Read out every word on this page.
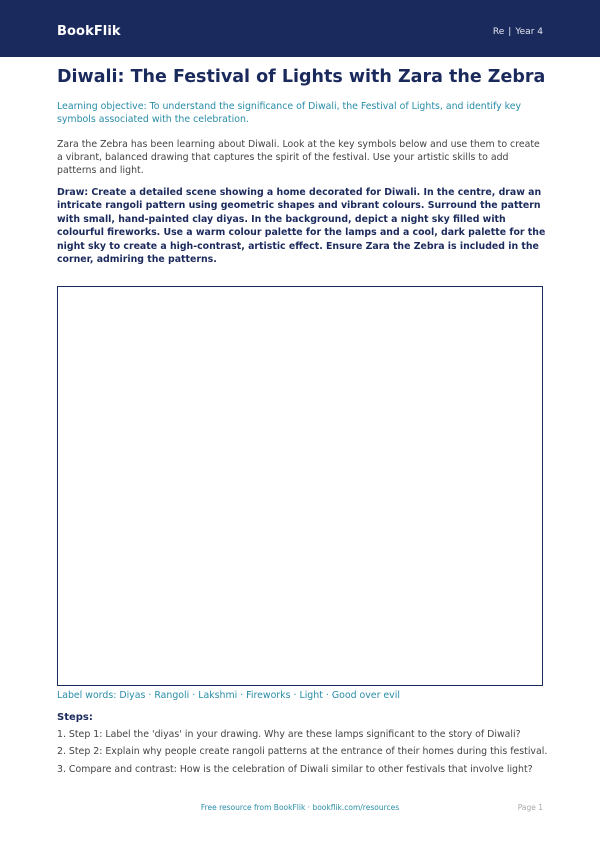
BookFlik	Re | Year 4
Diwali: The Festival of Lights with Zara the Zebra
Learning objective: To understand the significance of Diwali, the Festival of Lights, and identify key symbols associated with the celebration.
Zara the Zebra has been learning about Diwali. Look at the key symbols below and use them to create a vibrant, balanced drawing that captures the spirit of the festival. Use your artistic skills to add patterns and light.
Draw: Create a detailed scene showing a home decorated for Diwali. In the centre, draw an intricate rangoli pattern using geometric shapes and vibrant colours. Surround the pattern with small, hand-painted clay diyas. In the background, depict a night sky filled with colourful fireworks. Use a warm colour palette for the lamps and a cool, dark palette for the night sky to create a high-contrast, artistic effect. Ensure Zara the Zebra is included in the corner, admiring the patterns.
Label words: Diyas · Rangoli · Lakshmi · Fireworks · Light · Good over evil
Steps:
1. Step 1: Label the 'diyas' in your drawing. Why are these lamps significant to the story of Diwali?
2. Step 2: Explain why people create rangoli patterns at the entrance of their homes during this festival.
3. Compare and contrast: How is the celebration of Diwali similar to other festivals that involve light?
Free resource from BookFlik · bookflik.com/resources	Page 1
